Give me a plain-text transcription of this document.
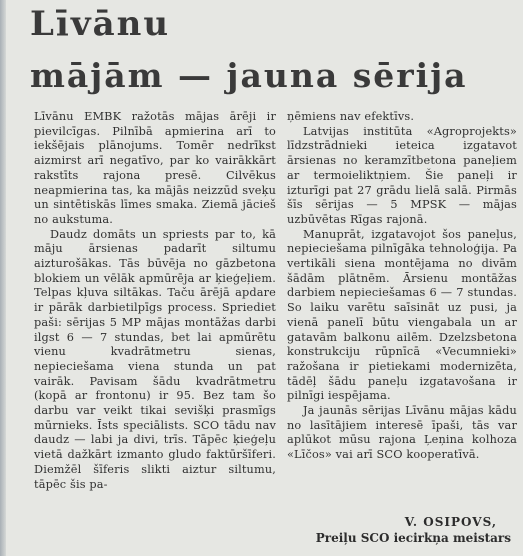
Līvānu
mājām — jauna sērija

Līvānu EMBK ražotās mājas ārēji ir pievilcīgas. Pilnībā apmierina arī to iekšējais plānojums. Tomēr nedrīkst aizmirst arī negatīvo, par ko vairākkārt rakstīts rajona presē. Cilvēkus neapmierina tas, ka mājās neizzūd sveķu un sintētiskās līmes smaka. Ziemā jācieš no aukstuma.

Daudz domāts un spriests par to, kā māju ārsienas padarīt siltumu aizturošākas. Tās būvēja no gāzbetona blokiem un vēlāk apmūrēja ar ķieģeļiem. Telpas kļuva siltākas. Taču ārējā apdare ir pārāk darbietilpīgs process. Spriediet paši: sērijas 5 MP mājas montāžas darbi ilgst 6 — 7 stundas, bet lai apmūrētu vienu kvadrātmetru sienas, nepieciešama viena stunda un pat vairāk. Pavisam šādu kvadrātmetru (kopā ar frontonu) ir 95. Bez tam šo darbu var veikt tikai sevišķi prasmīgs mūrnieks. Īsts speciālists. SCO tādu nav daudz — labi ja divi, trīs. Tāpēc ķieģeļu vietā dažkārt izmanto gludo faktūršīferi. Diemžēl šīferis slikti aiztur siltumu, tāpēc šis pa-

ņēmiens nav efektīvs.

Latvijas institūta «Agroprojekts» līdzstrādnieki ieteica izgatavot ārsienas no keramzītbetona paneļiem ar termoieliktņiem. Šie paneļi ir izturīgi pat 27 grādu lielā salā. Pirmās šīs sērijas — 5 MPSK — mājas uzbūvētas Rīgas rajonā.

Manuprāt, izgatavojot šos paneļus, nepieciešama pilnīgāka tehnoloģija. Pa vertikāli siena montējama no divām šādām plātnēm. Ārsienu montāžas darbiem nepieciešamas 6 — 7 stundas. So laiku varētu saīsināt uz pusi, ja vienā panelī būtu viengabala un ar gatavām balkonu ailēm. Dzelzsbetona konstrukciju rūpnīcā «Vecumnieki» ražošana ir pietiekami modernizēta, tādēļ šādu paneļu izgatavošana ir pilnīgi iespējama.

Ja jaunās sērijas Līvānu mājas kādu no lasītājiem interesē īpaši, tās var aplūkot mūsu rajona Ļeņina kolhoza «Līčos» vai arī SCO kooperatīvā.

V. OSIPOVS,
Preiļu SCO iecirkņa meistars
